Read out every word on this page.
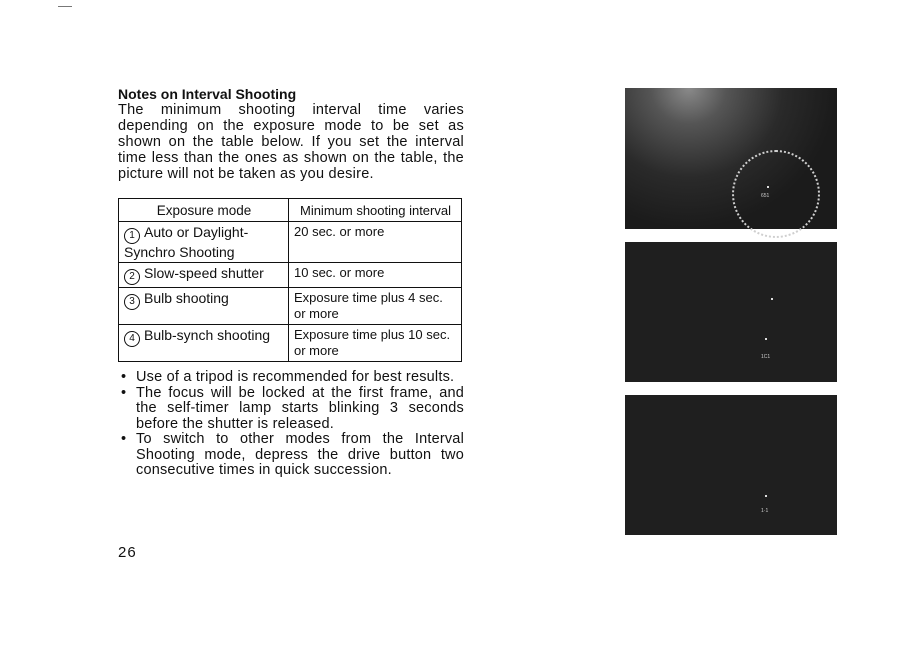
Notes on Interval Shooting

The minimum shooting interval time varies depending on the exposure mode to be set as shown on the table below. If you set the interval time less than the ones as shown on the table, the picture will not be taken as you desire.

Exposure mode	Minimum shooting interval
1 Auto or Daylight-Synchro Shooting	20 sec. or more
2 Slow-speed shutter	10 sec. or more
3 Bulb shooting	Exposure time plus 4 sec. or more
4 Bulb-synch shooting	Exposure time plus 10 sec. or more
• Use of a tripod is recommended for best results.
• The focus will be locked at the first frame, and the self-timer lamp starts blinking 3 seconds before the shutter is released.
• To switch to other modes from the Interval Shooting mode, depress the drive button two consecutive times in quick succession.
26
651
1C1
1·1
